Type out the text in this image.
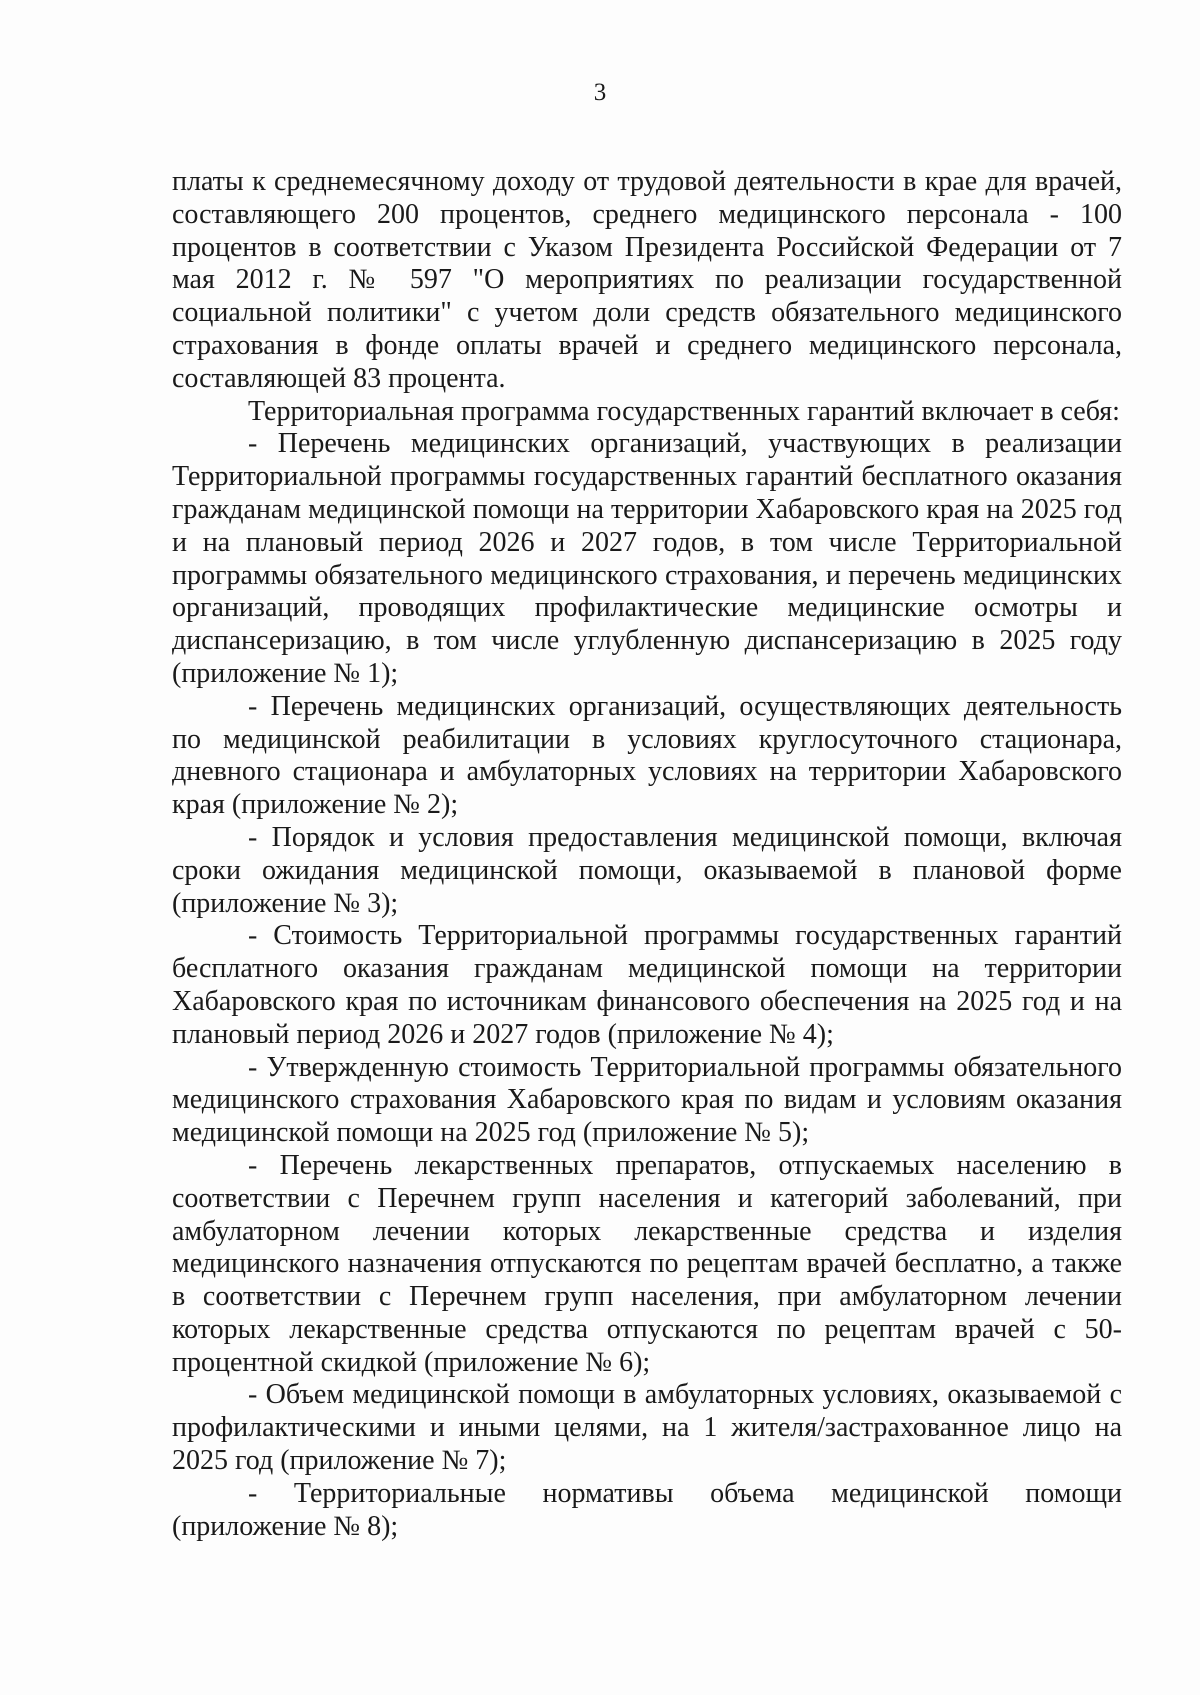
3

платы к среднемесячному доходу от трудовой деятельности в крае для врачей, составляющего 200 процентов, среднего медицинского персонала - 100 процентов в соответствии с Указом Президента Российской Федерации от 7 мая 2012 г. № 597 "О мероприятиях по реализации государственной социальной политики" с учетом доли средств обязательного медицинского страхования в фонде оплаты врачей и среднего медицинского персонала, составляющей 83 процента.

Территориальная программа государственных гарантий включает в себя:

- Перечень медицинских организаций, участвующих в реализации Территориальной программы государственных гарантий бесплатного оказания гражданам медицинской помощи на территории Хабаровского края на 2025 год и на плановый период 2026 и 2027 годов, в том числе Территориальной программы обязательного медицинского страхования, и перечень медицинских организаций, проводящих профилактические медицинские осмотры и диспансеризацию, в том числе углубленную диспансеризацию в 2025 году (приложение № 1);

- Перечень медицинских организаций, осуществляющих деятельность по медицинской реабилитации в условиях круглосуточного стационара, дневного стационара и амбулаторных условиях на территории Хабаровского края (приложение № 2);

- Порядок и условия предоставления медицинской помощи, включая сроки ожидания медицинской помощи, оказываемой в плановой форме (приложение № 3);

- Стоимость Территориальной программы государственных гарантий бесплатного оказания гражданам медицинской помощи на территории Хабаровского края по источникам финансового обеспечения на 2025 год и на плановый период 2026 и 2027 годов (приложение № 4);

- Утвержденную стоимость Территориальной программы обязательного медицинского страхования Хабаровского края по видам и условиям оказания медицинской помощи на 2025 год (приложение № 5);

- Перечень лекарственных препаратов, отпускаемых населению в соответствии с Перечнем групп населения и категорий заболеваний, при амбулаторном лечении которых лекарственные средства и изделия медицинского назначения отпускаются по рецептам врачей бесплатно, а также в соответствии с Перечнем групп населения, при амбулаторном лечении которых лекарственные средства отпускаются по рецептам врачей с 50-процентной скидкой (приложение № 6);

- Объем медицинской помощи в амбулаторных условиях, оказываемой с профилактическими и иными целями, на 1 жителя/застрахованное лицо на 2025 год (приложение № 7);

- Территориальные нормативы объема медицинской помощи (приложение № 8);
